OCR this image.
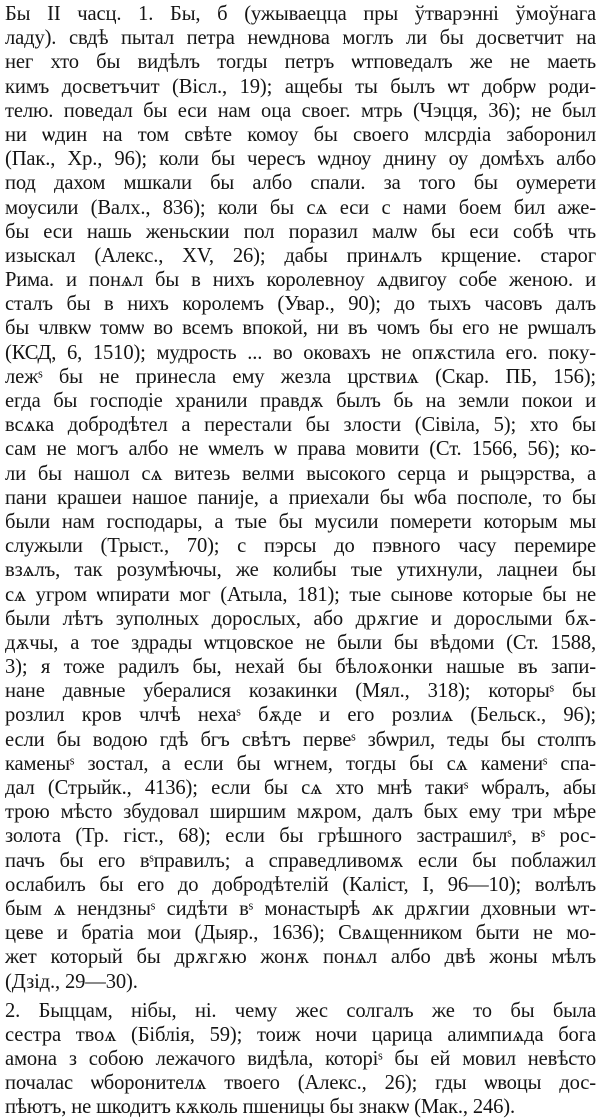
Бы II часц. 1. Бы, б (ужываецца пры ўтварэнні ўмоўнага
ладу). свдѣ пытал петра неѡднова моглъ ли бы досветчит на
нег хто бы видѣлъ тогды петръ ѡтповедалъ же не маеть
кимъ досветъчит (Вісл., 19); ащебы ты былъ ѡт добрѡ роди-
телю. поведал бы еси нам оца своег. мтрь (Чэцця, 36); не был
ни ѡдин на том свѣте комоу бы своего млсрдіа заборонил
(Пак., Хр., 96); коли бы чересъ ѡдноу днину оу домѣхъ албо
под дахом мшкали бы албо спали. за того бы оумерети
моусили (Валх., 836); коли бы сѧ еси с нами боем бил аже-
бы еси нашь женьскии пол поразил малѡ бы еси собѣ чть
изыскал (Алекс., XV, 26); дабы принѧлъ крщение. старог
Рима. и понѧл бы в нихъ королевноу ѧдвигоу собе женою. и
сталъ бы в нихъ королемъ (Увар., 90); до тыхъ часовъ далъ
бы члвкѡ томѡ во всемъ впокой, ни въ чомъ бы его не рѡшалъ
(КСД, 6, 1510); мудрость ... во оковахъ не опѫстила его. покy-
лежˢ бы не принесла ему жезла црствиѧ (Скар. ПБ, 156);
егда бы господіе хранили правдѫ былъ бь на земли покои и
всѧка добродѣтел а перестали бы злости (Сівіла, 5); хто бы
сам не могъ албо не ѡмелъ ѡ права мовити (Ст. 1566, 56); ко-
ли бы нашол сѧ витезь велми высокого серца и рыцэрства, а
пани крашеи нашое паније, а приехали бы ѡба посполе, то бы
были нам господары, а тые бы мусили померети которым мы
служыли (Трыст., 70); с пэрсы до пэвного часу перемире
взѧлъ, так розумѣючы, же колибы тые утихнули, лацнеи бы
сѧ угром ѡпирати мог (Атыла, 181); тые сынове которые бы не
были лѣтъ зуполных дорослых, або дрѫгие и дорослыми бѫ-
дѫчы, а тое здрады ѡтцовское не были бы вѣдоми (Ст. 1588,
3); я тоже радилъ бы, нехай бы бѣлоѫонки нашые въ запи-
нане давные убералися козакинки (Мял., 318); которыˢ бы
розлил кров члчѣ нехаˢ бѫде и его розлиѧ (Бельск., 96);
если бы водою гдѣ бгъ свѣтъ первеˢ збѡрил, теды бы столпъ
каменыˢ зостал, а если бы ѡгнем, тогды бы сѧ камениˢ спа-
дал (Стрыйк., 4136); если бы сѧ хто мнѣ такиˢ ѡбралъ, абы
трою мѣсто збудовал ширшим мѫром, далъ бых ему три мѣре
золота (Тр. гіст., 68); если бы грѣшного застрашилˢ, вˢ рос-
пачъ бы его вˢправилъ; а справедливомѫ если бы поблажил
ослабилъ бы его до добродѣтелій (Каліст, I, 96—10); волѣлъ
бым ѧ нендзныˢ сидѣти вˢ монастырѣ ѧк дрѫгии дховныи ѡт-
цеве и братіа мои (Дыяр., 1636); Свѧщенником быти не мо-
жет который бы дрѫгѫю жонѫ понѧл албо двѣ жоны мѣлъ
(Дзід., 29—30).
2. Быццам, нібы, ні. чему жес солгалъ же то бы была
сестра твоѧ (Біблія, 59); тоиж ночи царица алимпиѧда бога
амона з собою лежачого видѣла, которіˢ бы ей мовил невѣсто
почалас ѡборонителѧ твоего (Алекс., 26); гды ѡвоцы дос-
пѣютъ, не шкодитъ кѫколь пшеницы бы знакѡ (Мак., 246).
